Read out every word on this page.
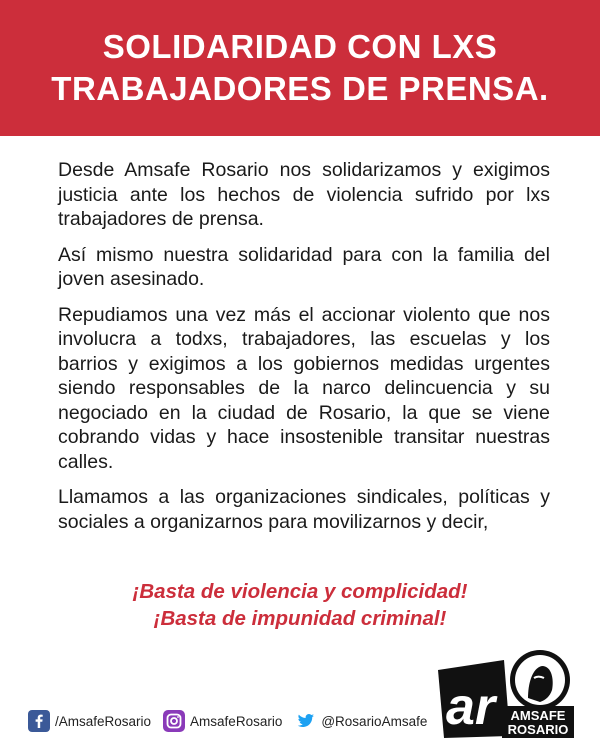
SOLIDARIDAD CON LXS
TRABAJADORES DE PRENSA.

Desde Amsafe Rosario nos solidarizamos y exigimos justicia ante los hechos de violencia sufrido por lxs trabajadores de prensa.

Así mismo nuestra solidaridad para con la familia del joven asesinado.

Repudiamos una vez más el accionar violento que nos involucra a todxs, trabajadores, las escuelas y los barrios y exigimos a los gobiernos medidas urgentes siendo responsables de la narco delincuencia y su negociado en la ciudad de Rosario, la que se viene cobrando vidas y hace insostenible transitar nuestras calles.

Llamamos a las organizaciones sindicales, políticas y sociales a organizarnos para movilizarnos y decir,

¡Basta de violencia y complicidad!
¡Basta de impunidad criminal!
/AmsafeRosario	AmsafeRosario	@RosarioAmsafe ar AMSAFE
ROSARIO
